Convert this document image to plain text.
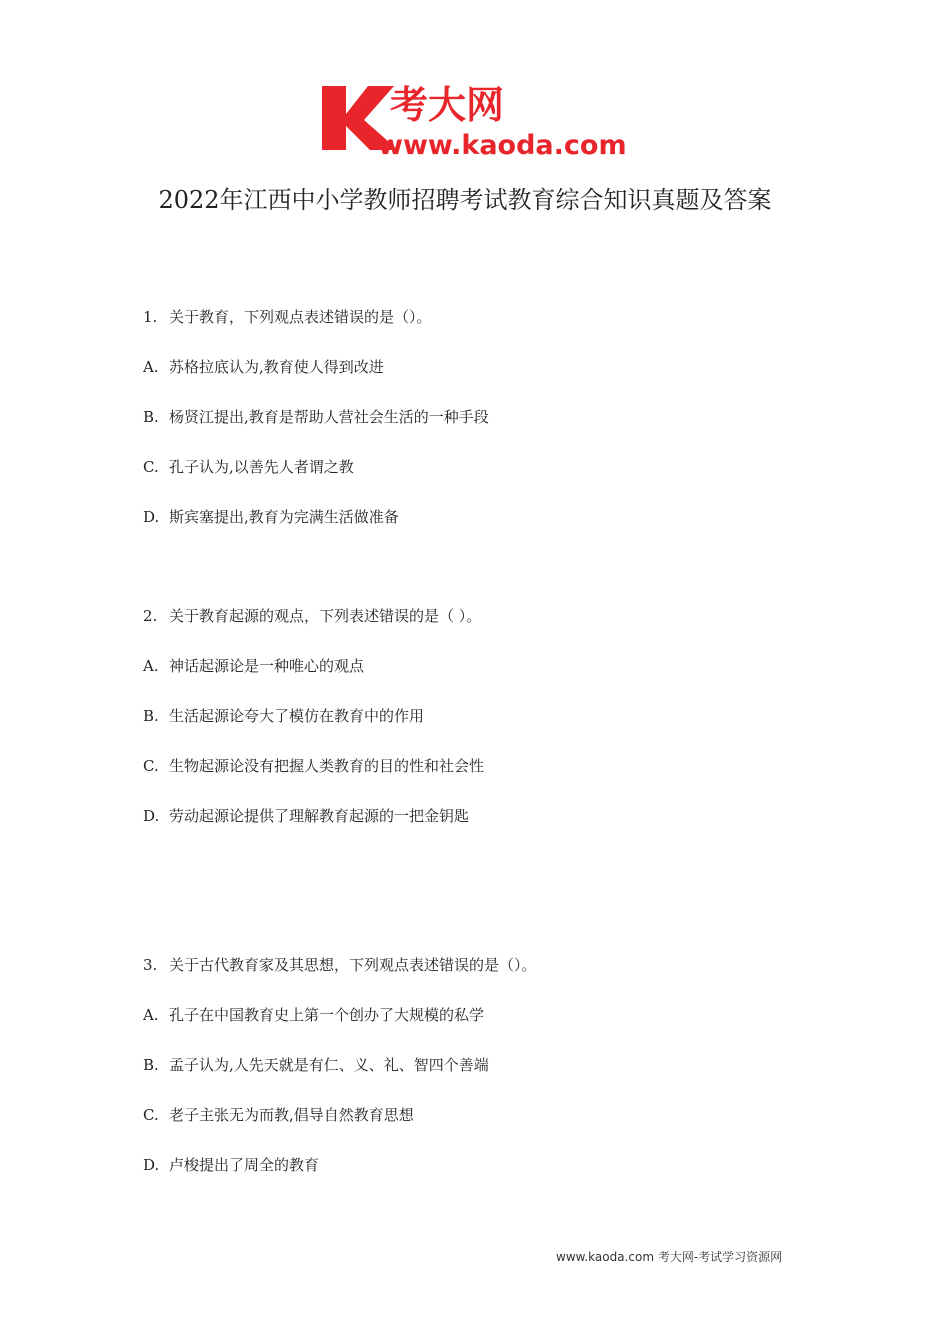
考大网
www.kaoda.com
2022年江西中小学教师招聘考试教育综合知识真题及答案
1. 关于教育，下列观点表述错误的是（）。
A. 苏格拉底认为,教育使人得到改进
B. 杨贤江提出,教育是帮助人营社会生活的一种手段
C. 孔子认为,以善先人者谓之教
D. 斯宾塞提出,教育为完满生活做准备
2. 关于教育起源的观点，下列表述错误的是（ ）。
A. 神话起源论是一种唯心的观点
B. 生活起源论夸大了模仿在教育中的作用
C. 生物起源论没有把握人类教育的目的性和社会性
D. 劳动起源论提供了理解教育起源的一把金钥匙
3. 关于古代教育家及其思想，下列观点表述错误的是（）。
A. 孔子在中国教育史上第一个创办了大规模的私学
B. 孟子认为,人先天就是有仁、义、礼、智四个善端
C. 老子主张无为而教,倡导自然教育思想
D. 卢梭提出了周全的教育
www.kaoda.com 考大网-考试学习资源网
